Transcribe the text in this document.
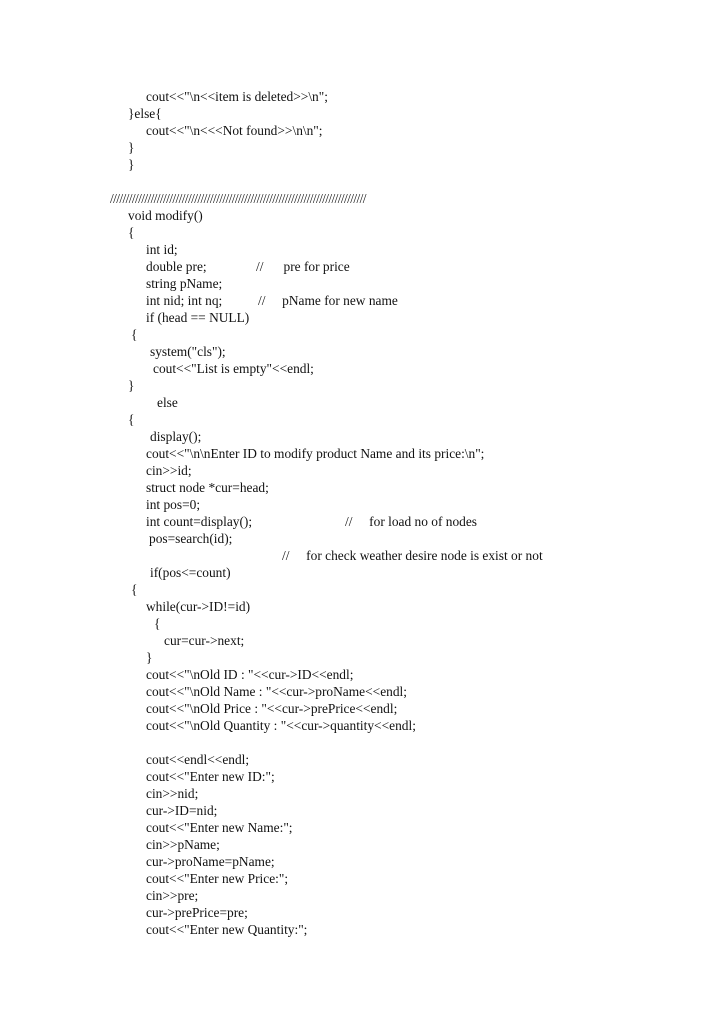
cout<<"\n<<item is deleted>>\n";
}else{
cout<<"\n<<<Not found>>\n\n";
}
}
//////////////////////////////////////////////////////////////////////////////////
void modify()
{
int id;
double pre;	//      pre for price
string pName;
int nid; int nq;	//     pName for new name
if (head == NULL)
{
system("cls");
cout<<"List is empty"<<endl;
}
else
{
display();
cout<<"\n\nEnter ID to modify product Name and its price:\n";
cin>>id;
struct node *cur=head;
int pos=0;
int count=display();	//     for load no of nodes
pos=search(id);
//     for check weather desire node is exist or not
if(pos<=count)
{
while(cur->ID!=id)
{
cur=cur->next;
}
cout<<"\nOld ID : "<<cur->ID<<endl;
cout<<"\nOld Name : "<<cur->proName<<endl;
cout<<"\nOld Price : "<<cur->prePrice<<endl;
cout<<"\nOld Quantity : "<<cur->quantity<<endl;
cout<<endl<<endl;
cout<<"Enter new ID:";
cin>>nid;
cur->ID=nid;
cout<<"Enter new Name:";
cin>>pName;
cur->proName=pName;
cout<<"Enter new Price:";
cin>>pre;
cur->prePrice=pre;
cout<<"Enter new Quantity:";
